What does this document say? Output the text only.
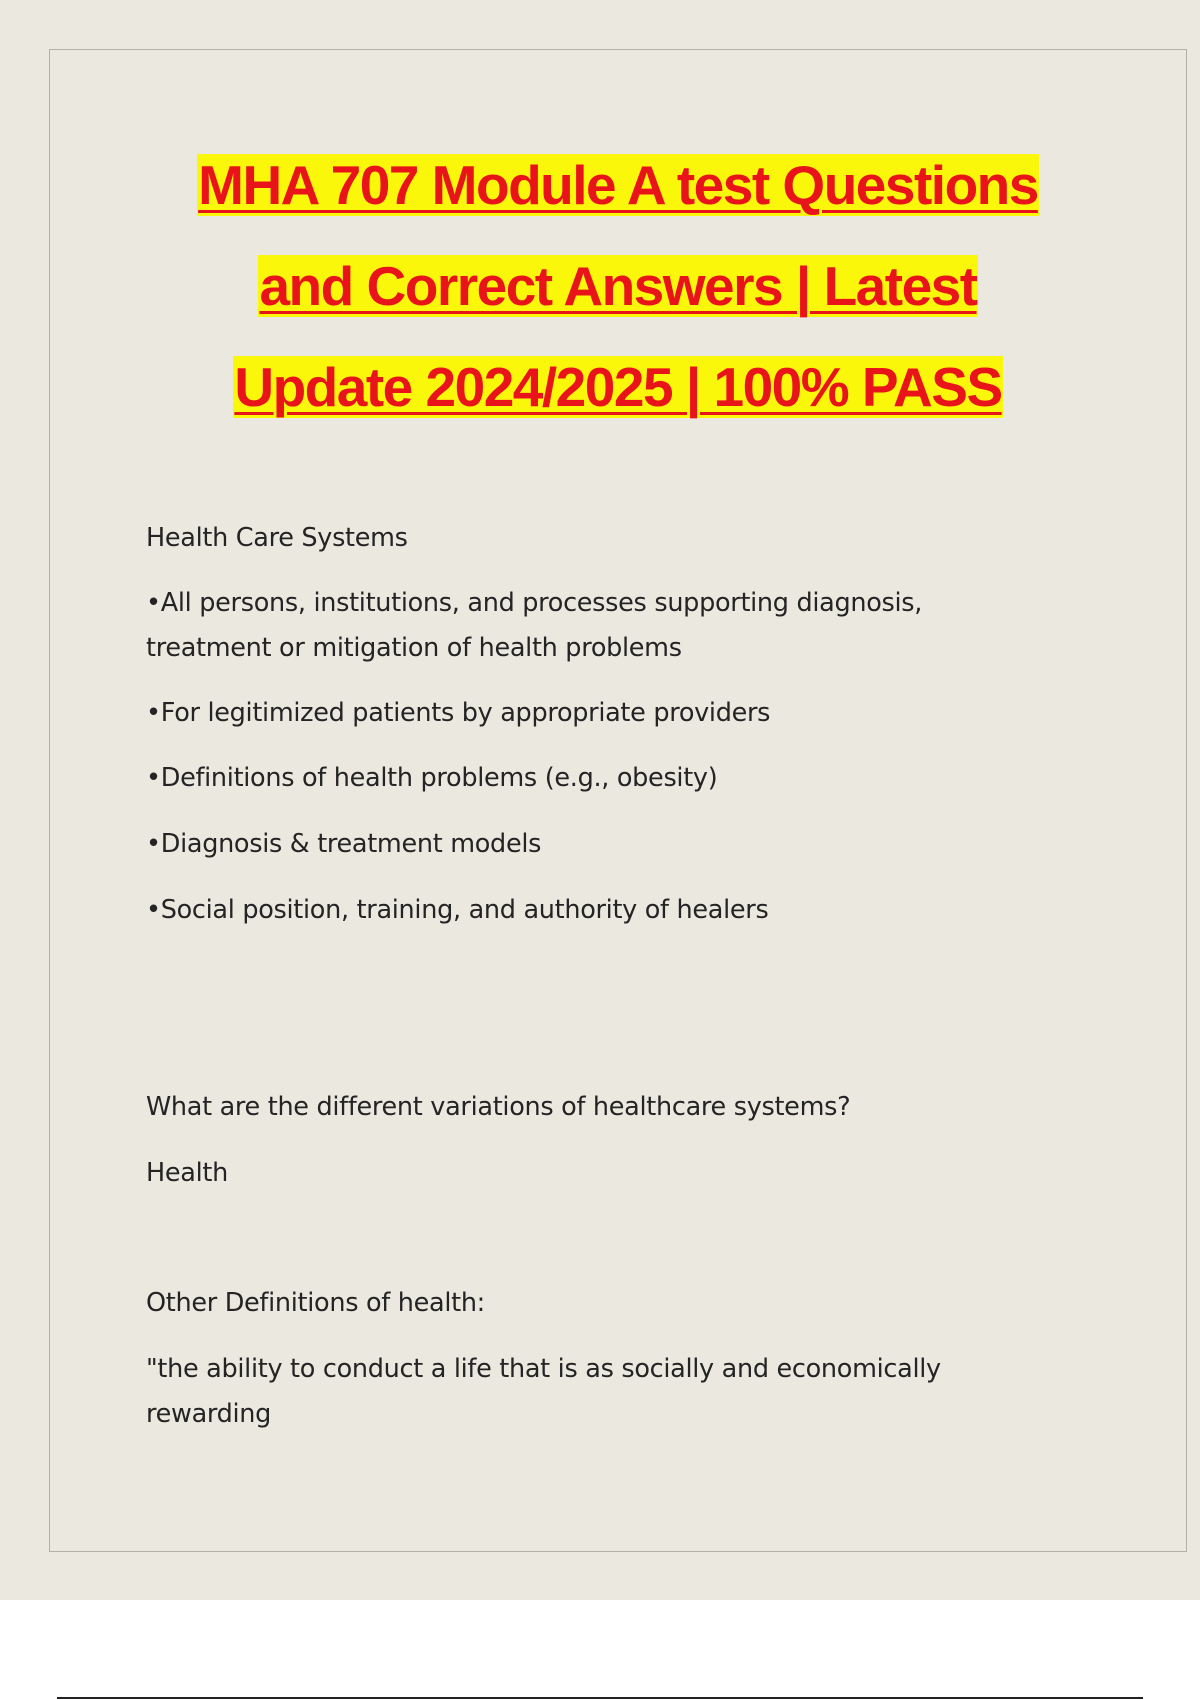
MHA 707 Module A test Questions
and Correct Answers | Latest
Update 2024/2025 | 100% PASS

Health Care Systems

•All persons, institutions, and processes supporting diagnosis,

treatment or mitigation of health problems

•For legitimized patients by appropriate providers

•Definitions of health problems (e.g., obesity)

•Diagnosis & treatment models

•Social position, training, and authority of healers

What are the different variations of healthcare systems?

Health

Other Definitions of health:

"the ability to conduct a life that is as socially and economically

rewarding
